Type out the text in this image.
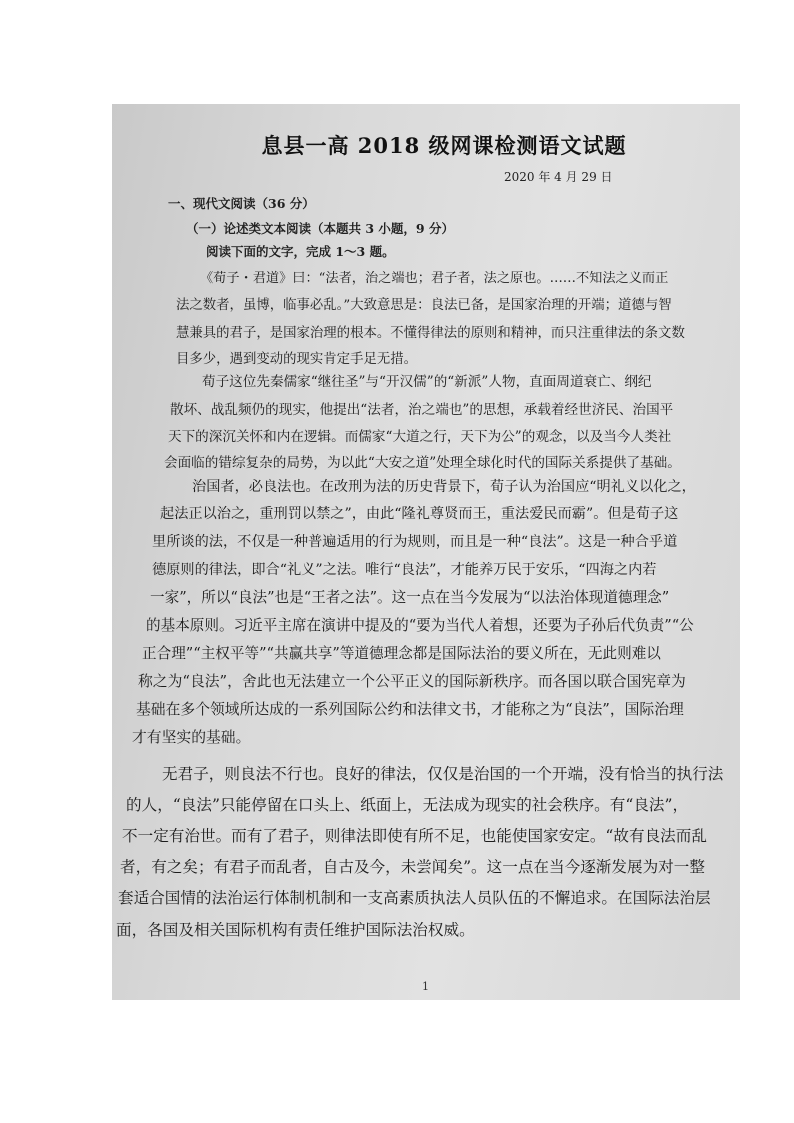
⠀	息县一高 2018 级网课检测语文试题
2020 年 4 月 29 日
一、现代文阅读（36 分）
（一）论述类文本阅读（本题共 3 小题，9 分）
阅读下面的文字，完成 1～3 题。
《荀子・君道》曰：“法者，治之端也；君子者，法之原也。……不知法之义而正
法之数者，虽博，临事必乱。”大致意思是：良法已备，是国家治理的开端；道德与智
慧兼具的君子，是国家治理的根本。不懂得律法的原则和精神，而只注重律法的条文数
目多少，遇到变动的现实肯定手足无措。
荀子这位先秦儒家“继往圣”与“开汉儒”的“新派”人物，直面周道衰亡、纲纪
散坏、战乱频仍的现实，他提出“法者，治之端也”的思想，承载着经世济民、治国平
天下的深沉关怀和内在逻辑。而儒家“大道之行，天下为公”的观念，以及当今人类社
会面临的错综复杂的局势，为以此“大安之道”处理全球化时代的国际关系提供了基础。
治国者，必良法也。在改刑为法的历史背景下，荀子认为治国应“明礼义以化之，
起法正以治之，重刑罚以禁之”，由此“隆礼尊贤而王，重法爱民而霸”。但是荀子这
里所谈的法，不仅是一种普遍适用的行为规则，而且是一种“良法”。这是一种合乎道
德原则的律法，即合“礼义”之法。唯行“良法”，才能养万民于安乐，“四海之内若
一家”，所以“良法”也是“王者之法”。这一点在当今发展为“以法治体现道德理念”
的基本原则。习近平主席在演讲中提及的“要为当代人着想，还要为子孙后代负责”“公
正合理”“主权平等”“共赢共享”等道德理念都是国际法治的要义所在，无此则难以
称之为“良法”，舍此也无法建立一个公平正义的国际新秩序。而各国以联合国宪章为
基础在多个领域所达成的一系列国际公约和法律文书，才能称之为“良法”，国际治理
才有坚实的基础。
无君子，则良法不行也。良好的律法，仅仅是治国的一个开端，没有恰当的执行法
的人，“良法”只能停留在口头上、纸面上，无法成为现实的社会秩序。有“良法”，
不一定有治世。而有了君子，则律法即使有所不足，也能使国家安定。“故有良法而乱
者，有之矣；有君子而乱者，自古及今，未尝闻矣”。这一点在当今逐渐发展为对一整
套适合国情的法治运行体制机制和一支高素质执法人员队伍的不懈追求。在国际法治层
面，各国及相关国际机构有责任维护国际法治权威。
1
